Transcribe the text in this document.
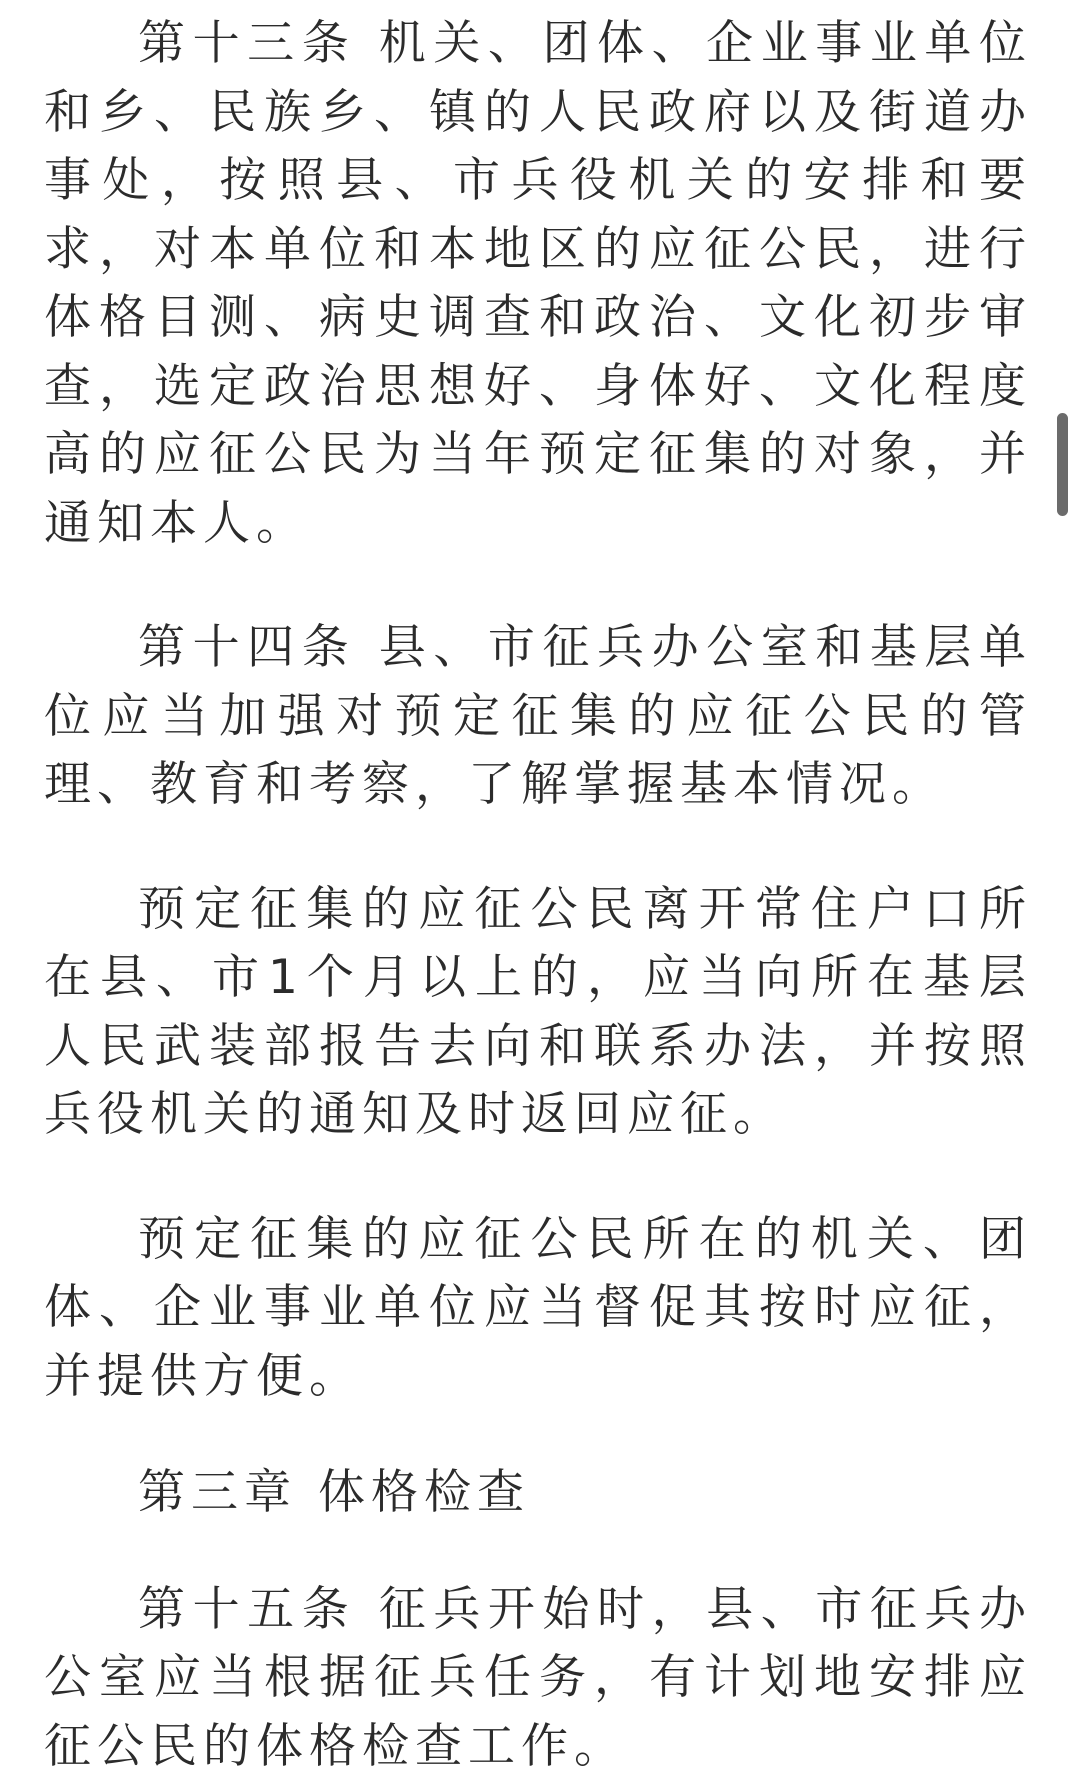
第十三条 机关、团体、企业事业单位和乡、民族乡、镇的人民政府以及街道办事处，按照县、市兵役机关的安排和要求，对本单位和本地区的应征公民，进行体格目测、病史调查和政治、文化初步审查，选定政治思想好、身体好、文化程度高的应征公民为当年预定征集的对象，并通知本人。

第十四条 县、市征兵办公室和基层单位应当加强对预定征集的应征公民的管理、教育和考察，了解掌握基本情况。

预定征集的应征公民离开常住户口所在县、市1个月以上的，应当向所在基层人民武装部报告去向和联系办法，并按照兵役机关的通知及时返回应征。

预定征集的应征公民所在的机关、团体、企业事业单位应当督促其按时应征，并提供方便。

第三章 体格检查

第十五条 征兵开始时，县、市征兵办公室应当根据征兵任务，有计划地安排应征公民的体格检查工作。
